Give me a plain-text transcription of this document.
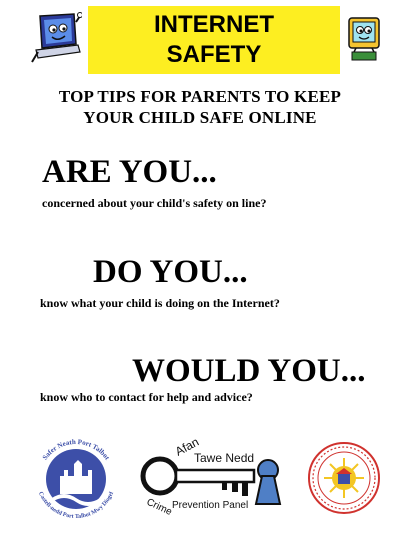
INTERNET
SAFETY
TOP TIPS FOR PARENTS TO KEEP
YOUR CHILD SAFE ONLINE
ARE YOU...
concerned about your child's safety on line?
DO YOU...
know what your child is doing on the Internet?
WOULD YOU...
know who to contact for help and advice?
Safer Neath Port Talbot
Castell-nedd Port Talbot Mwy Diogel
Afan
Tawe Nedd
Crime
Prevention Panel
